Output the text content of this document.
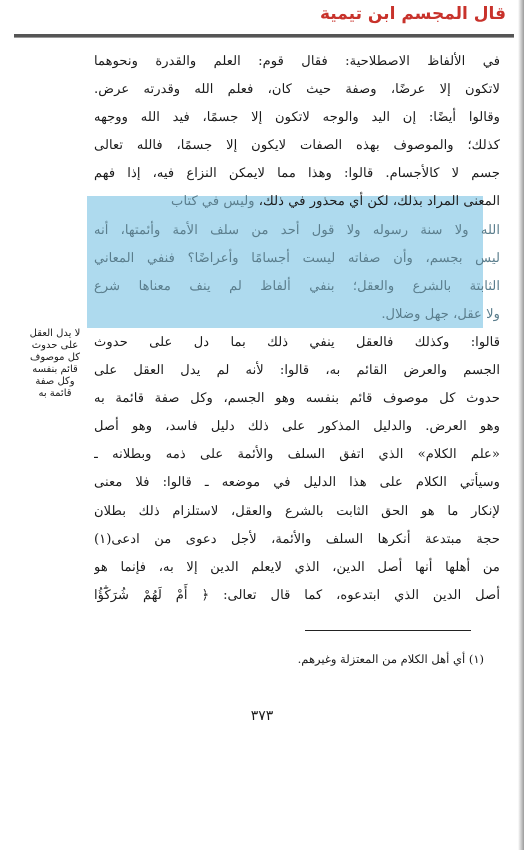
قال المجسم ابن تيمية
في الألفاظ الاصطلاحية: فقال قوم: العلم والقدرة ونحوهما
لاتكون إلا عرضًا، وصفة حيث كان، فعلم الله وقدرته عرض.
وقالوا أيضًا: إن اليد والوجه لاتكون إلا جسمًا، فيد الله ووجهه
كذلك؛ والموصوف بهذه الصفات لايكون إلا جسمًا، فالله تعالى
جسم لا كالأجسام. قالوا: وهذا مما لايمكن النزاع فيه، إذا فهم
المعنى المراد بذلك، لكن أي محذور في ذلك، وليس في كتاب
الله ولا سنة رسوله ولا قول أحد من سلف الأمة وأئمتها، أنه
ليس بجسم، وأن صفاته ليست أجسامًا وأعراضًا؟ فنفي المعاني
الثابتة بالشرع والعقل؛ بنفي ألفاظ لم ينف معناها شرع
ولا عقل، جهل وضلال.
قالوا: وكذلك فالعقل ينفي ذلك بما دل على حدوث
الجسم والعرض القائم به، قالوا: لأنه لم يدل العقل على
حدوث كل موصوف قائم بنفسه وهو الجسم، وكل صفة قائمة به
وهو العرض. والدليل المذكور على ذلك دليل فاسد، وهو أصل
«علم الكلام» الذي اتفق السلف والأئمة على ذمه وبطلانه ـ
وسيأتي الكلام على هذا الدليل في موضعه ـ قالوا: فلا معنى
لإنكار ما هو الحق الثابت بالشرع والعقل، لاستلزام ذلك بطلان
حجة مبتدعة أنكرها السلف والأئمة، لأجل دعوى من ادعى(١)
من أهلها أنها أصل الدين، الذي لايعلم الدين إلا به، فإنما هو
أصل الدين الذي ابتدعوه، كما قال تعالى: ﴿ أَمْ لَهُمْ شُرَكَٰٓؤُا
لا يدل العقل
على حدوث
كل موصوف
قائم بنفسه
وكل صفة
قائمة به
(١) أي أهل الكلام من المعتزلة وغيرهم.
٣٧٣
